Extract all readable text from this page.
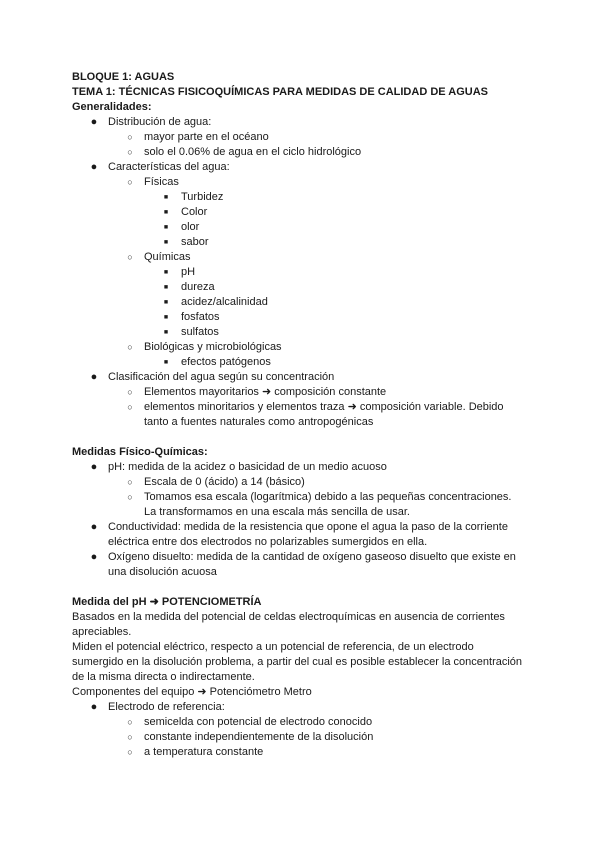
BLOQUE 1: AGUAS
TEMA 1: TÉCNICAS FISICOQUÍMICAS PARA MEDIDAS DE CALIDAD DE AGUAS
Generalidades:
● Distribución de agua:
○ mayor parte en el océano
○ solo el 0.06% de agua en el ciclo hidrológico
● Características del agua:
○ Físicas
■	Turbidez
■	Color
■	olor
■	sabor
○ Químicas
■	pH
■	dureza
■	acidez/alcalinidad
■	fosfatos
■	sulfatos
○ Biológicas y microbiológicas
■	efectos patógenos
● Clasificación del agua según su concentración
○ Elementos mayoritarios ➜ composición constante
○ elementos minoritarios y elementos traza ➜ composición variable. Debido
tanto a fuentes naturales como antropogénicas
Medidas Físico-Químicas:
● pH: medida de la acidez o basicidad de un medio acuoso
○ Escala de 0 (ácido) a 14 (básico)
○ Tomamos esa escala (logarítmica) debido a las pequeñas concentraciones.
La transformamos en una escala más sencilla de usar.
● Conductividad: medida de la resistencia que opone el agua la paso de la corriente
eléctrica entre dos electrodos no polarizables sumergidos en ella.
● Oxígeno disuelto: medida de la cantidad de oxígeno gaseoso disuelto que existe en
una disolución acuosa
Medida del pH ➜ POTENCIOMETRÍA
Basados en la medida del potencial de celdas electroquímicas en ausencia de corrientes
apreciables.
Miden el potencial eléctrico, respecto a un potencial de referencia, de un electrodo
sumergido en la disolución problema, a partir del cual es posible establecer la concentración
de la misma directa o indirectamente.
Componentes del equipo ➜ Potenciómetro Metro
● Electrodo de referencia:
○ semicelda con potencial de electrodo conocido
○ constante independientemente de la disolución
○ a temperatura constante
